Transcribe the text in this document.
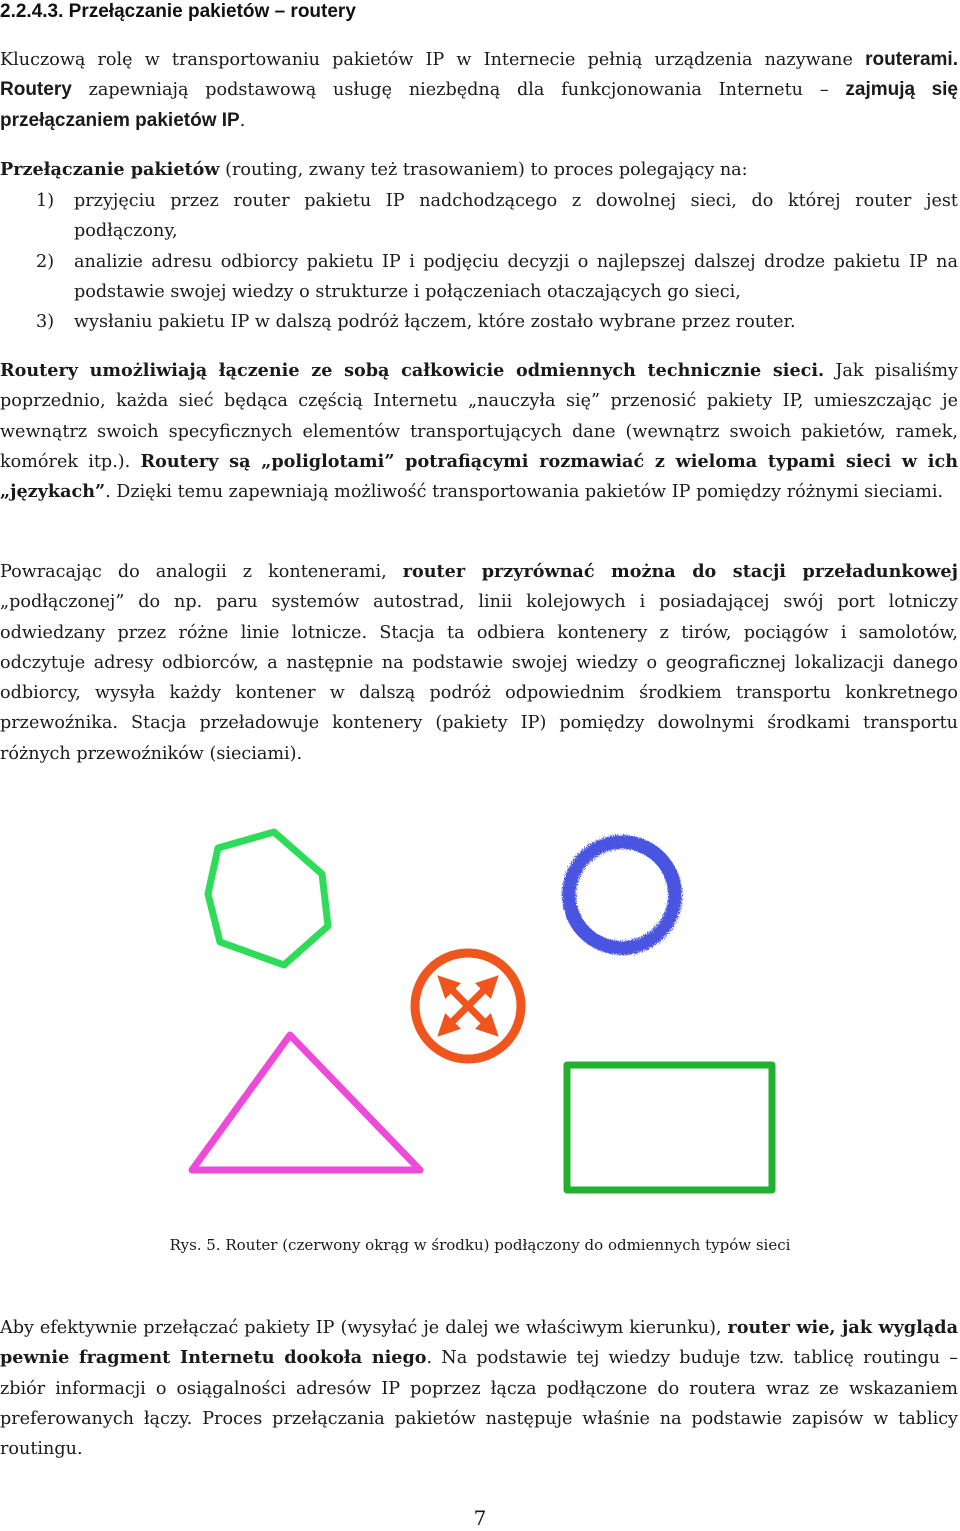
2.2.4.3. Przełączanie pakietów – routery
Kluczową rolę w transportowaniu pakietów IP w Internecie pełnią urządzenia nazywane routerami. Routery zapewniają podstawową usługę niezbędną dla funkcjonowania Internetu – zajmują się przełączaniem pakietów IP.
Przełączanie pakietów (routing, zwany też trasowaniem) to proces polegający na:
1)	przyjęciu przez router pakietu IP nadchodzącego z dowolnej sieci, do której router jest podłączony,
2)	analizie adresu odbiorcy pakietu IP i podjęciu decyzji o najlepszej dalszej drodze pakietu IP na podstawie swojej wiedzy o strukturze i połączeniach otaczających go sieci,
3)	wysłaniu pakietu IP w dalszą podróż łączem, które zostało wybrane przez router.
Routery umożliwiają łączenie ze sobą całkowicie odmiennych technicznie sieci. Jak pisaliśmy poprzednio, każda sieć będąca częścią Internetu „nauczyła się” przenosić pakiety IP, umieszczając je wewnątrz swoich specyficznych elementów transportujących dane (wewnątrz swoich pakietów, ramek, komórek itp.). Routery są „poliglotami” potrafiącymi rozmawiać z wieloma typami sieci w ich „językach”. Dzięki temu zapewniają możliwość transportowania pakietów IP pomiędzy różnymi sieciami.
Powracając do analogii z kontenerami, router przyrównać można do stacji przeładunkowej „podłączonej” do np. paru systemów autostrad, linii kolejowych i posiadającej swój port lotniczy odwiedzany przez różne linie lotnicze. Stacja ta odbiera kontenery z tirów, pociągów i samolotów, odczytuje adresy odbiorców, a następnie na podstawie swojej wiedzy o geograficznej lokalizacji danego odbiorcy, wysyła każdy kontener w dalszą podróż odpowiednim środkiem transportu konkretnego przewoźnika. Stacja przeładowuje kontenery (pakiety IP) pomiędzy dowolnymi środkami transportu różnych przewoźników (sieciami).
Rys. 5. Router (czerwony okrąg w środku) podłączony do odmiennych typów sieci
Aby efektywnie przełączać pakiety IP (wysyłać je dalej we właściwym kierunku), router wie, jak wygląda pewnie fragment Internetu dookoła niego. Na podstawie tej wiedzy buduje tzw. tablicę routingu – zbiór informacji o osiągalności adresów IP poprzez łącza podłączone do routera wraz ze wskazaniem preferowanych łączy. Proces przełączania pakietów następuje właśnie na podstawie zapisów w tablicy routingu.
7
